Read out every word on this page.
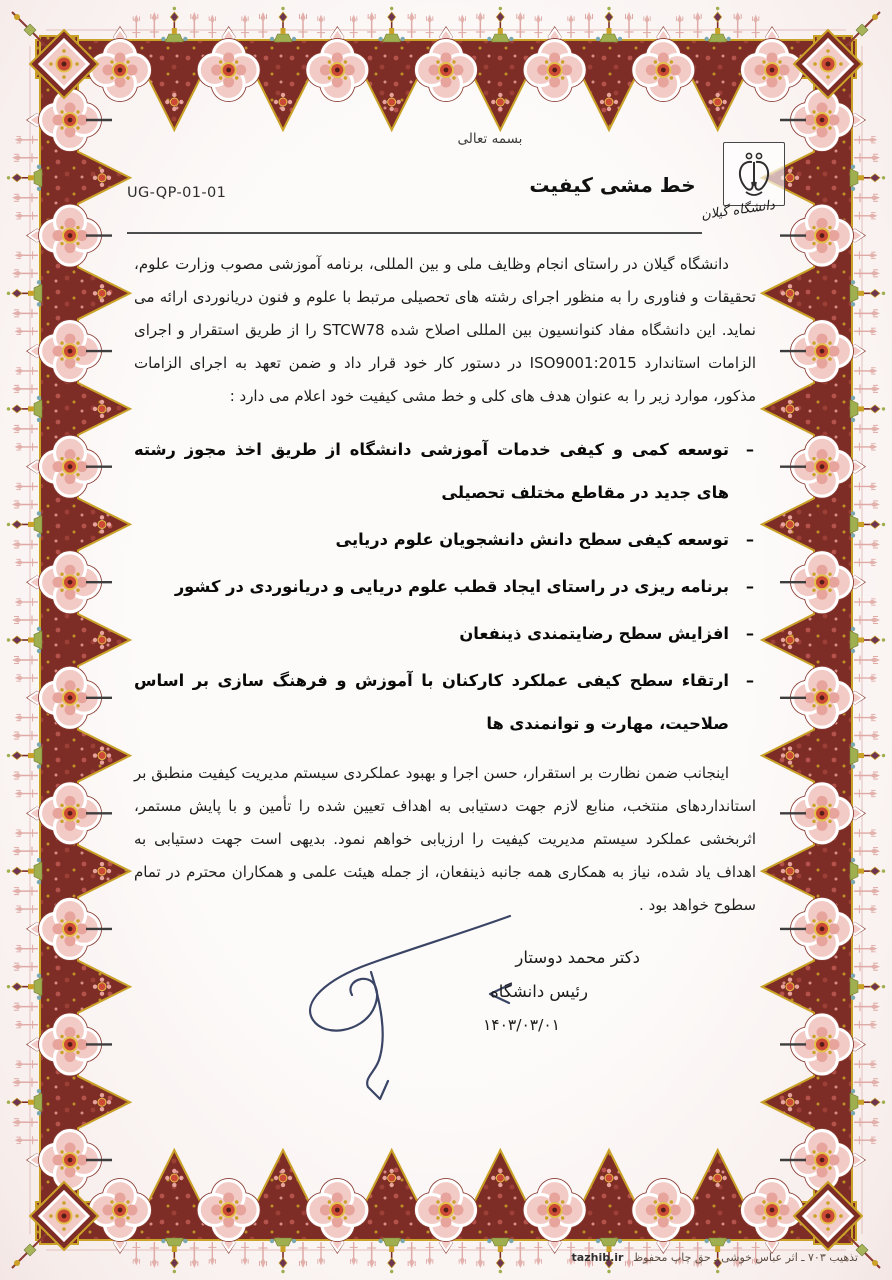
بسمه تعالی
دانشگاه گیلان
UG-QP-01-01	خط مشی کیفیت

دانشگاه گیلان در راستای انجام وظایف ملی و بین المللی، برنامه آموزشی مصوب وزارت علوم، تحقیقات و فناوری را به منظور اجرای رشته های تحصیلی مرتبط با علوم و فنون دریانوردی ارائه می نماید. این دانشگاه مفاد کنوانسیون بین المللی اصلاح شده STCW78 را از طریق استقرار و اجرای الزامات استاندارد ISO9001:2015 در دستور کار خود قرار داد و ضمن تعهد به اجرای الزامات مذکور، موارد زیر را به عنوان هدف های کلی و خط مشی کیفیت خود اعلام می دارد :

–
توسعه کمی و کیفی خدمات آموزشی دانشگاه از طریق اخذ مجوز رشته های جدید در مقاطع مختلف تحصیلی
–
توسعه کیفی سطح دانش دانشجویان علوم دریایی
–
برنامه ریزی در راستای ایجاد قطب علوم دریایی و دریانوردی در کشور
–
افزایش سطح رضایتمندی ذینفعان
–
ارتقاء سطح کیفی عملکرد کارکنان با آموزش و فرهنگ سازی بر اساس صلاحیت، مهارت و توانمندی ها

اینجانب ضمن نظارت بر استقرار، حسن اجرا و بهبود عملکردی سیستم مدیریت کیفیت منطبق بر استانداردهای منتخب، منابع لازم جهت دستیابی به اهداف تعیین شده را تأمین و با پایش مستمر، اثربخشی عملکرد سیستم مدیریت کیفیت را ارزیابی خواهم نمود. بدیهی است جهت دستیابی به اهداف یاد شده، نیاز به همکاری همه جانبه ذینفعان، از جمله هیئت علمی و همکاران محترم در تمام سطوح خواهد بود .

دکتر محمد دوستار
رئیس دانشگاه
۱۴۰۳/۰۳/۰۱
تذهیب ۷۰۳ ـ اثر عباس خوشی ـ حق چاپ محفوظ tazhib.ir
